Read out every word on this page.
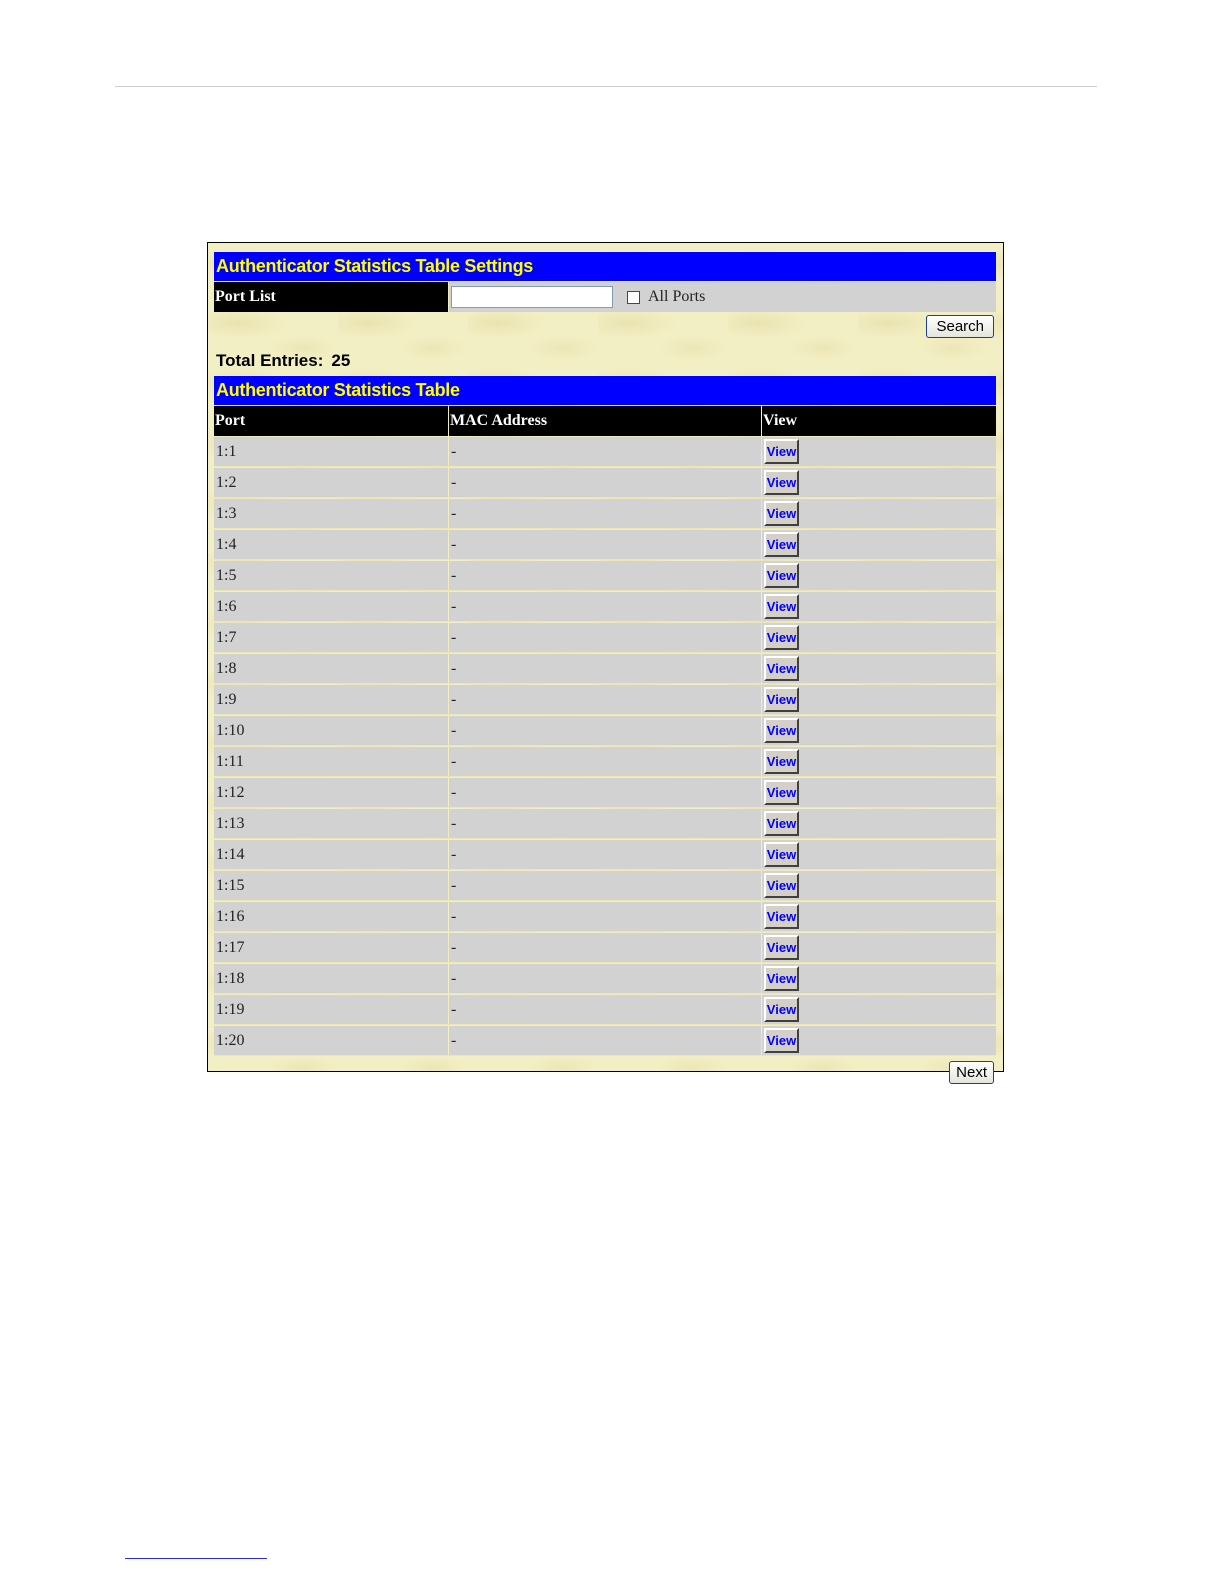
Authenticator Statistics Table Settings
Port List	All Ports
Search
Total Entries: 25
Authenticator Statistics Table
Port	MAC Address	View
1:1	-	View
1:2	-	View
1:3	-	View
1:4	-	View
1:5	-	View
1:6	-	View
1:7	-	View
1:8	-	View
1:9	-	View
1:10	-	View
1:11	-	View
1:12	-	View
1:13	-	View
1:14	-	View
1:15	-	View
1:16	-	View
1:17	-	View
1:18	-	View
1:19	-	View
1:20	-	View
Next
